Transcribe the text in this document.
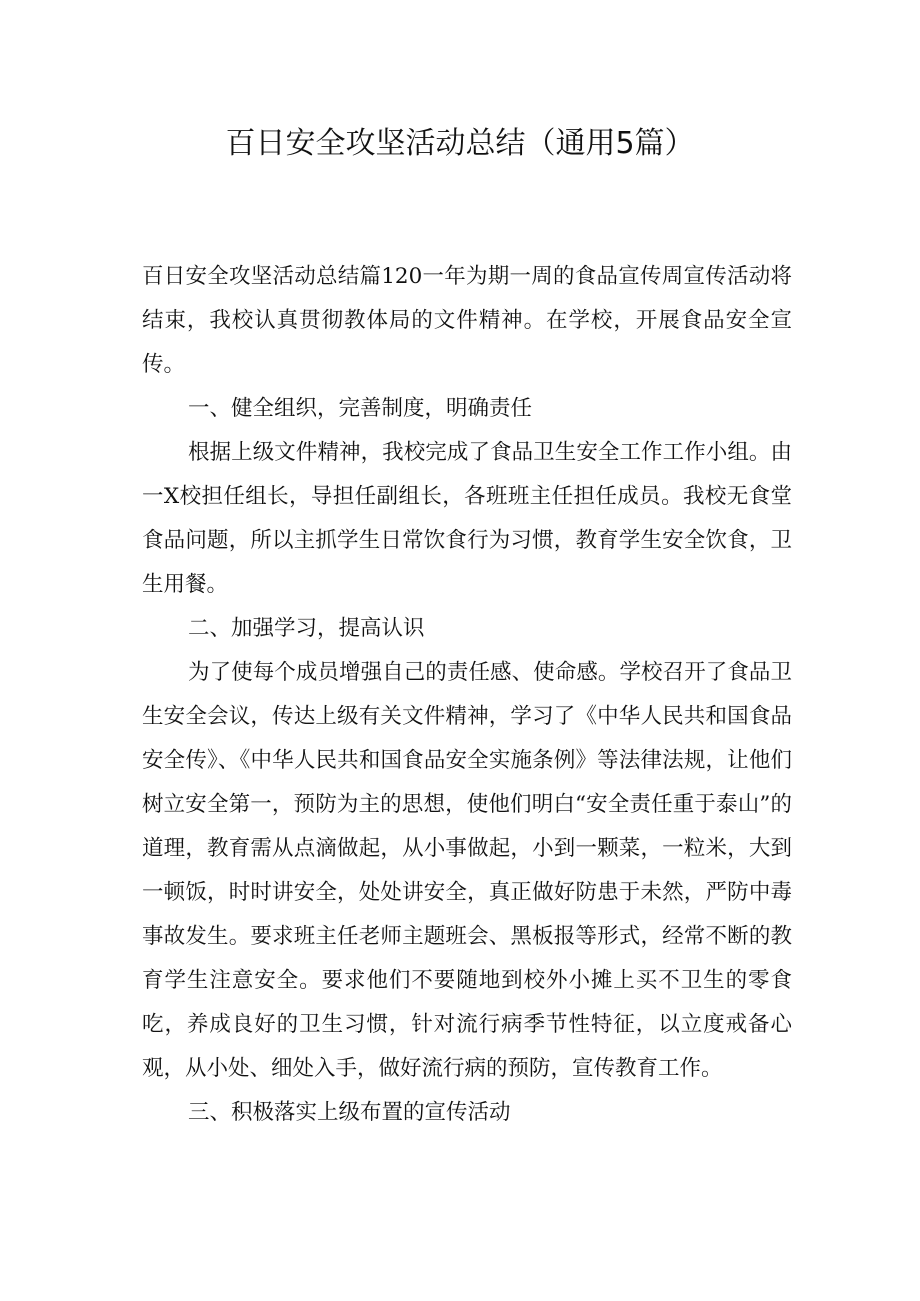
百日安全攻坚活动总结（通用5篇）

百日安全攻坚活动总结篇120一年为期一周的食品宣传周宣传活动将结束，我校认真贯彻教体局的文件精神。在学校，开展食品安全宣传。

一、健全组织，完善制度，明确责任

根据上级文件精神，我校完成了食品卫生安全工作工作小组。由一X校担任组长，导担任副组长，各班班主任担任成员。我校无食堂食品问题，所以主抓学生日常饮食行为习惯，教育学生安全饮食，卫生用餐。

二、加强学习，提高认识

为了使每个成员增强自己的责任感、使命感。学校召开了食品卫生安全会议，传达上级有关文件精神，学习了《中华人民共和国食品安全传》、《中华人民共和国食品安全实施条例》等法律法规，让他们树立安全第一，预防为主的思想，使他们明白“安全责任重于泰山”的道理，教育需从点滴做起，从小事做起，小到一颗菜，一粒米，大到一顿饭，时时讲安全，处处讲安全，真正做好防患于未然，严防中毒事故发生。要求班主任老师主题班会、黑板报等形式，经常不断的教育学生注意安全。要求他们不要随地到校外小摊上买不卫生的零食吃，养成良好的卫生习惯，针对流行病季节性特征，以立度戒备心观，从小处、细处入手，做好流行病的预防，宣传教育工作。

三、积极落实上级布置的宣传活动
